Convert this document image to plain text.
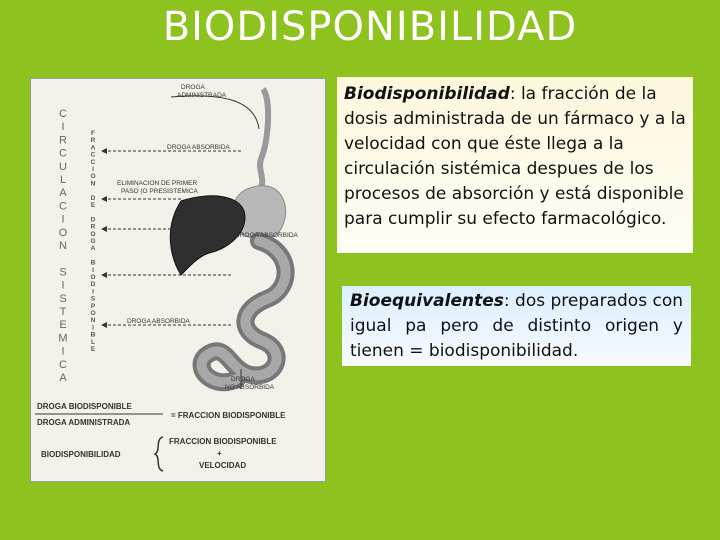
BIODISPONIBILIDAD
C
I
R
C
U
L
A
C
I
O
N
S
I
S
T
E
M
I
C
A
F
R
A
C
C
I
O
N
D
E
D
R
O
G
A
B
I
O
D
I
S
P
O
N
I
B
L
E
DROGA
ADMINISTRADA
DROGA ABSORBIDA
ELIMINACION DE PRIMER
PASO (O PRESISTEMICA
DROGA ABSORBIDA
DROGA ABSORBIDA
DROGA
NO ABSORBIDA
DROGA BIODISPONIBLE
= FRACCION BIODISPONIBLE
DROGA ADMINISTRADA
BIODISPONIBILIDAD
FRACCION BIODISPONIBLE
+
VELOCIDAD
Biodisponibilidad: la fracción de la dosis administrada de un fármaco y a la velocidad con que éste llega a la circulación sistémica despues de los procesos de absorción y está disponible para cumplir su efecto farmacológico.
Bioequivalentes: dos preparados con igual pa pero de distinto origen y tienen = biodisponibilidad.
